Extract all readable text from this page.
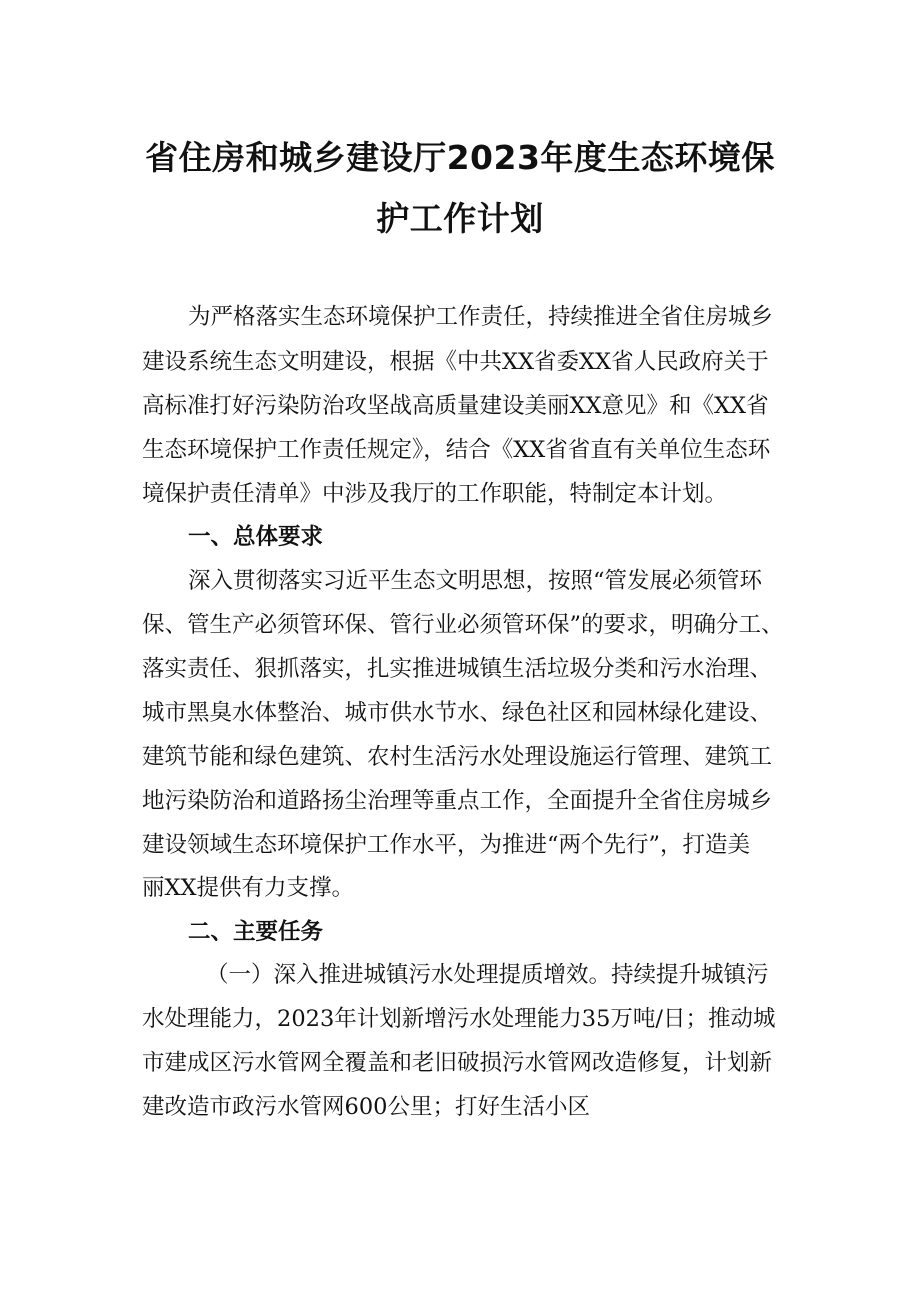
省住房和城乡建设厅2023年度生态环境保
护工作计划
为严格落实生态环境保护工作责任，持续推进全省住房城乡
建设系统生态文明建设，根据《中共XX省委XX省人民政府关于
高标准打好污染防治攻坚战高质量建设美丽XX意见》和《XX省
生态环境保护工作责任规定》，结合《XX省省直有关单位生态环
境保护责任清单》中涉及我厅的工作职能，特制定本计划。
一、总体要求
深入贯彻落实习近平生态文明思想，按照“管发展必须管环
保、管生产必须管环保、管行业必须管环保”的要求，明确分工、
落实责任、狠抓落实，扎实推进城镇生活垃圾分类和污水治理、
城市黑臭水体整治、城市供水节水、绿色社区和园林绿化建设、
建筑节能和绿色建筑、农村生活污水处理设施运行管理、建筑工
地污染防治和道路扬尘治理等重点工作，全面提升全省住房城乡
建设领域生态环境保护工作水平，为推进“两个先行”，打造美
丽XX提供有力支撑。
二、主要任务
（一）深入推进城镇污水处理提质增效。持续提升城镇污
水处理能力，2023年计划新增污水处理能力35万吨/日；推动城
市建成区污水管网全覆盖和老旧破损污水管网改造修复，计划新
建改造市政污水管网600公里；打好生活小区
